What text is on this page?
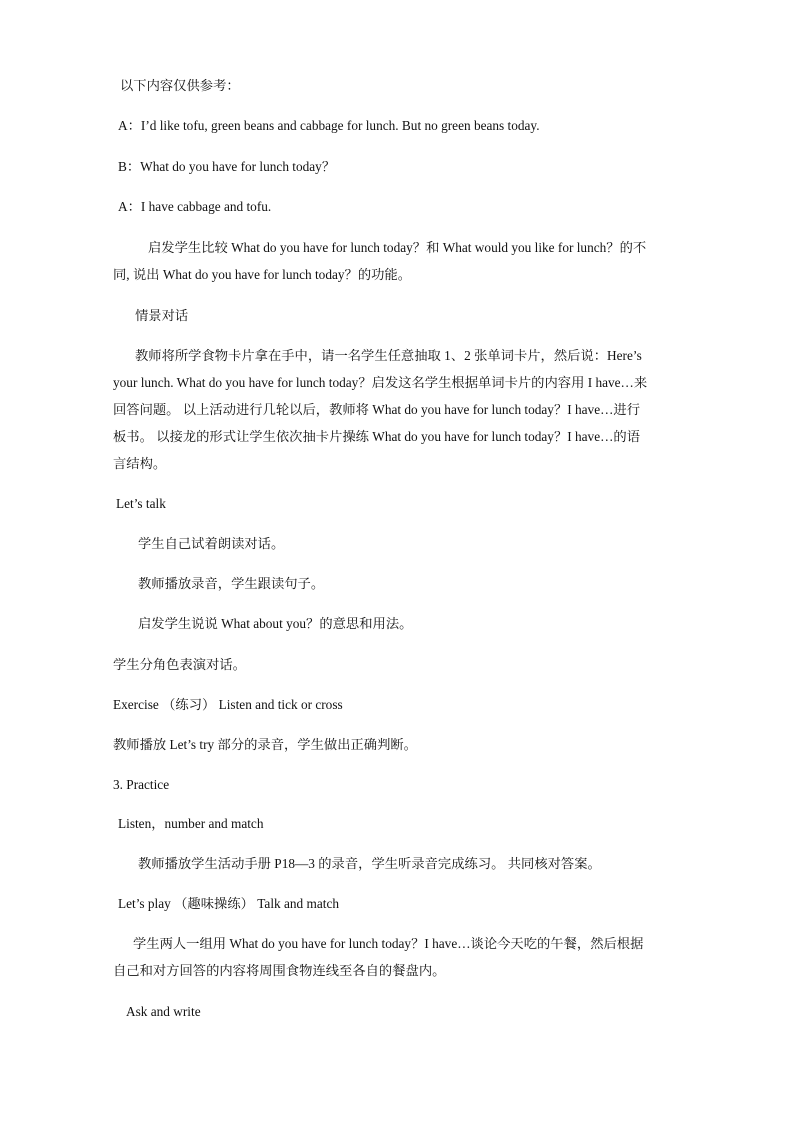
以下内容仅供参考：
A：I’d like tofu, green beans and cabbage for lunch. But no green beans today.
B：What do you have for lunch today？
A：I have cabbage and tofu.
启发学生比较 What do you have for lunch today？和 What would you like for lunch？的不
同, 说出 What do you have for lunch today？的功能。
情景对话
教师将所学食物卡片拿在手中，请一名学生任意抽取 1、2 张单词卡片，然后说：Here’s
your lunch. What do you have for lunch today？启发这名学生根据单词卡片的内容用 I have…来
回答问题。 以上活动进行几轮以后，教师将 What do you have for lunch today？I have…进行
板书。 以接龙的形式让学生依次抽卡片操练 What do you have for lunch today？I have…的语
言结构。
Let’s talk
学生自己试着朗读对话。
教师播放录音，学生跟读句子。
启发学生说说 What about you？的意思和用法。
学生分角色表演对话。
Exercise （练习） Listen and tick or cross
教师播放 Let’s try 部分的录音，学生做出正确判断。
3. Practice
Listen，number and match
教师播放学生活动手册 P18—3 的录音，学生听录音完成练习。 共同核对答案。
Let’s play （趣味操练） Talk and match
学生两人一组用 What do you have for lunch today？I have…谈论今天吃的午餐，然后根据
自己和对方回答的内容将周围食物连线至各自的餐盘内。
Ask and write
